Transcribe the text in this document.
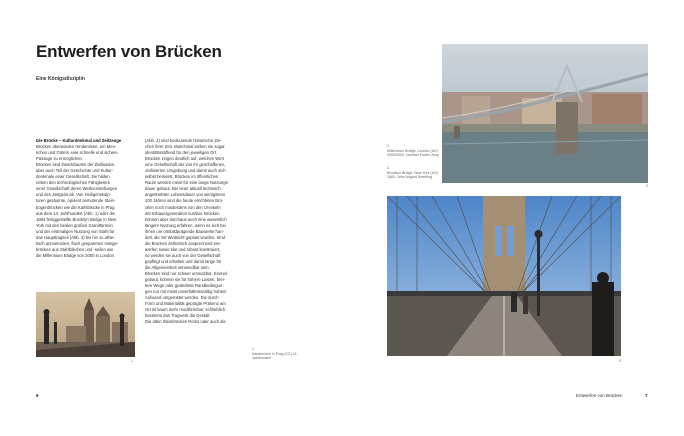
Entwerfen von Brücken
Eine Königsdisziplin

Die Brücke – Kulturdenkmal und Zeitzeuge

Brücken überwinden Hindernisse, um Men-
schen und Gütern eine schnelle und sichere
Passage zu ermöglichen.
Brücken sind Zweckbauten der Zivilisation,
aber auch Teil der Geschichte und Kultur-
denkmale einer Gesellschaft. Sie bilden
neben den technologischen Fähigkeiten
einer Gesellschaft deren Werkvorstellungen
und den Zeitgeist ab. Von Heiligenskulp-
turen gesäumte, opulent anmutende Stein-
bogenbrücken wie die Karlsbrücke in Prag
aus dem 14. Jahrhundert (Abb. 1) oder die
1883 fertiggestellte Brooklyn Bridge in New
York mit den beiden großen Granittürmen
und der erstmaligen Nutzung von Stahl für
das Haupttragseil (Abb. 3) bis hin zu athle-
tisch anmutenden, flach gespannten Hänge-
brücken aus Stahlblechen und -seilen wie
die Millennium Bridge von 2000 in London
(Abb. 2) sind bedeutende historische Zei-
chen ihrer Zeit. Manchmal wirken sie sogar
identitätsstiftend für den jeweiligen Ort.
Brücken zeigen deutlich auf, welchen Wert
eine Gesellschaft der von ihr geschaffenen,
zivilisierten Umgebung und damit auch sich
selbst beimisst. Brücken im öffentlichen
Raum werden meist für eine lange Nutzungs-
dauer gebaut. Bei einer aktuell technisch
angestrebten Lebensdauer von wenigstens
100 Jahren sind die heute errichteten Brü-
cken noch mindestens von den Urenkeln
der Erbauergeneration nutzbar. Brücken
können aber durchaus auch eine wesentlich
längere Nutzung erfahren, wenn es sich bei
ihnen um ortsbildprägende Bauwerke han-
delt, die mit Weitsicht geplant wurden. Sind
die Brücken ästhetisch ansprechend ent-
worfen sowie klar und robust konstruiert,
so werden sie auch von der Gesellschaft
gepflegt und erhalten und damit lange für
die Allgemeinheit verwendbar sein.
Brücken sind nur schwer umnutzbar. Einmal
gebaut, können sie für höhere Lasten, brei-
tere Wege oder geänderte Randbedingun-
gen nur mit meist unverhältnismäßig hohem
Aufwand umgerüstet werden. Die durch
Form und Materialität geprägte Präsenz am
Ort ist kaum mehr modifizierbar, schließlich
bestimmt das Tragwerk die Gestalt.
Die alten Steinbrücken Roms oder auch die
1
1
Karlsbrücke in Prag (CZ) 14. Jahrhundert
2
2
Millennium Bridge, London (UK) 2000/2002, Norman Foster, Arup
3
Brooklyn Bridge, New York (US) 1883, John August Roebling
3
6	Entwerfen von Brücken	7
